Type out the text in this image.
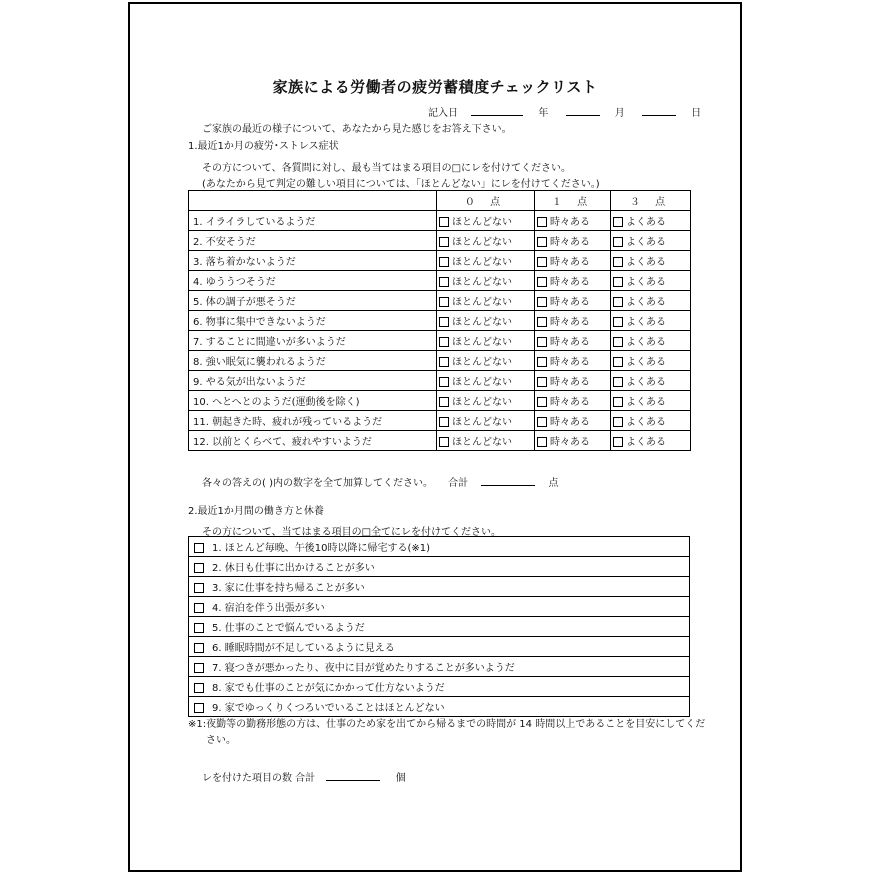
家族による労働者の疲労蓄積度チェックリスト
記入日	年	月	日
ご家族の最近の様子について、あなたから見た感じをお答え下さい。
1.最近1か月の疲労･ストレス症状
その方について、各質問に対し、最も当てはまる項目の□にレを付けてください。
(あなたから見て判定の難しい項目については、「ほとんどない」にレを付けてください。)
	０ 点	１ 点	３ 点
1. イライラしているようだ	ほとんどない	時々ある	よくある
2. 不安そうだ	ほとんどない	時々ある	よくある
3. 落ち着かないようだ	ほとんどない	時々ある	よくある
4. ゆううつそうだ	ほとんどない	時々ある	よくある
5. 体の調子が悪そうだ	ほとんどない	時々ある	よくある
6. 物事に集中できないようだ	ほとんどない	時々ある	よくある
7. することに間違いが多いようだ	ほとんどない	時々ある	よくある
8. 強い眠気に襲われるようだ	ほとんどない	時々ある	よくある
9. やる気が出ないようだ	ほとんどない	時々ある	よくある
10. へとへとのようだ(運動後を除く)	ほとんどない	時々ある	よくある
11. 朝起きた時、疲れが残っているようだ	ほとんどない	時々ある	よくある
12. 以前とくらべて、疲れやすいようだ	ほとんどない	時々ある	よくある
各々の答えの( )内の数字を全て加算してください。 合計	点
2.最近1か月間の働き方と休養
その方について、当てはまる項目の□全てにレを付けてください。
1. ほとんど毎晩、午後10時以降に帰宅する(※1)
2. 休日も仕事に出かけることが多い
3. 家に仕事を持ち帰ることが多い
4. 宿泊を伴う出張が多い
5. 仕事のことで悩んでいるようだ
6. 睡眠時間が不足しているように見える
7. 寝つきが悪かったり、夜中に目が覚めたりすることが多いようだ
8. 家でも仕事のことが気にかかって仕方ないようだ
9. 家でゆっくりくつろいでいることはほとんどない
※1:夜勤等の勤務形態の方は、仕事のため家を出てから帰るまでの時間が 14 時間以上であることを目安にしてくだ
さい。
レを付けた項目の数 合計	個
